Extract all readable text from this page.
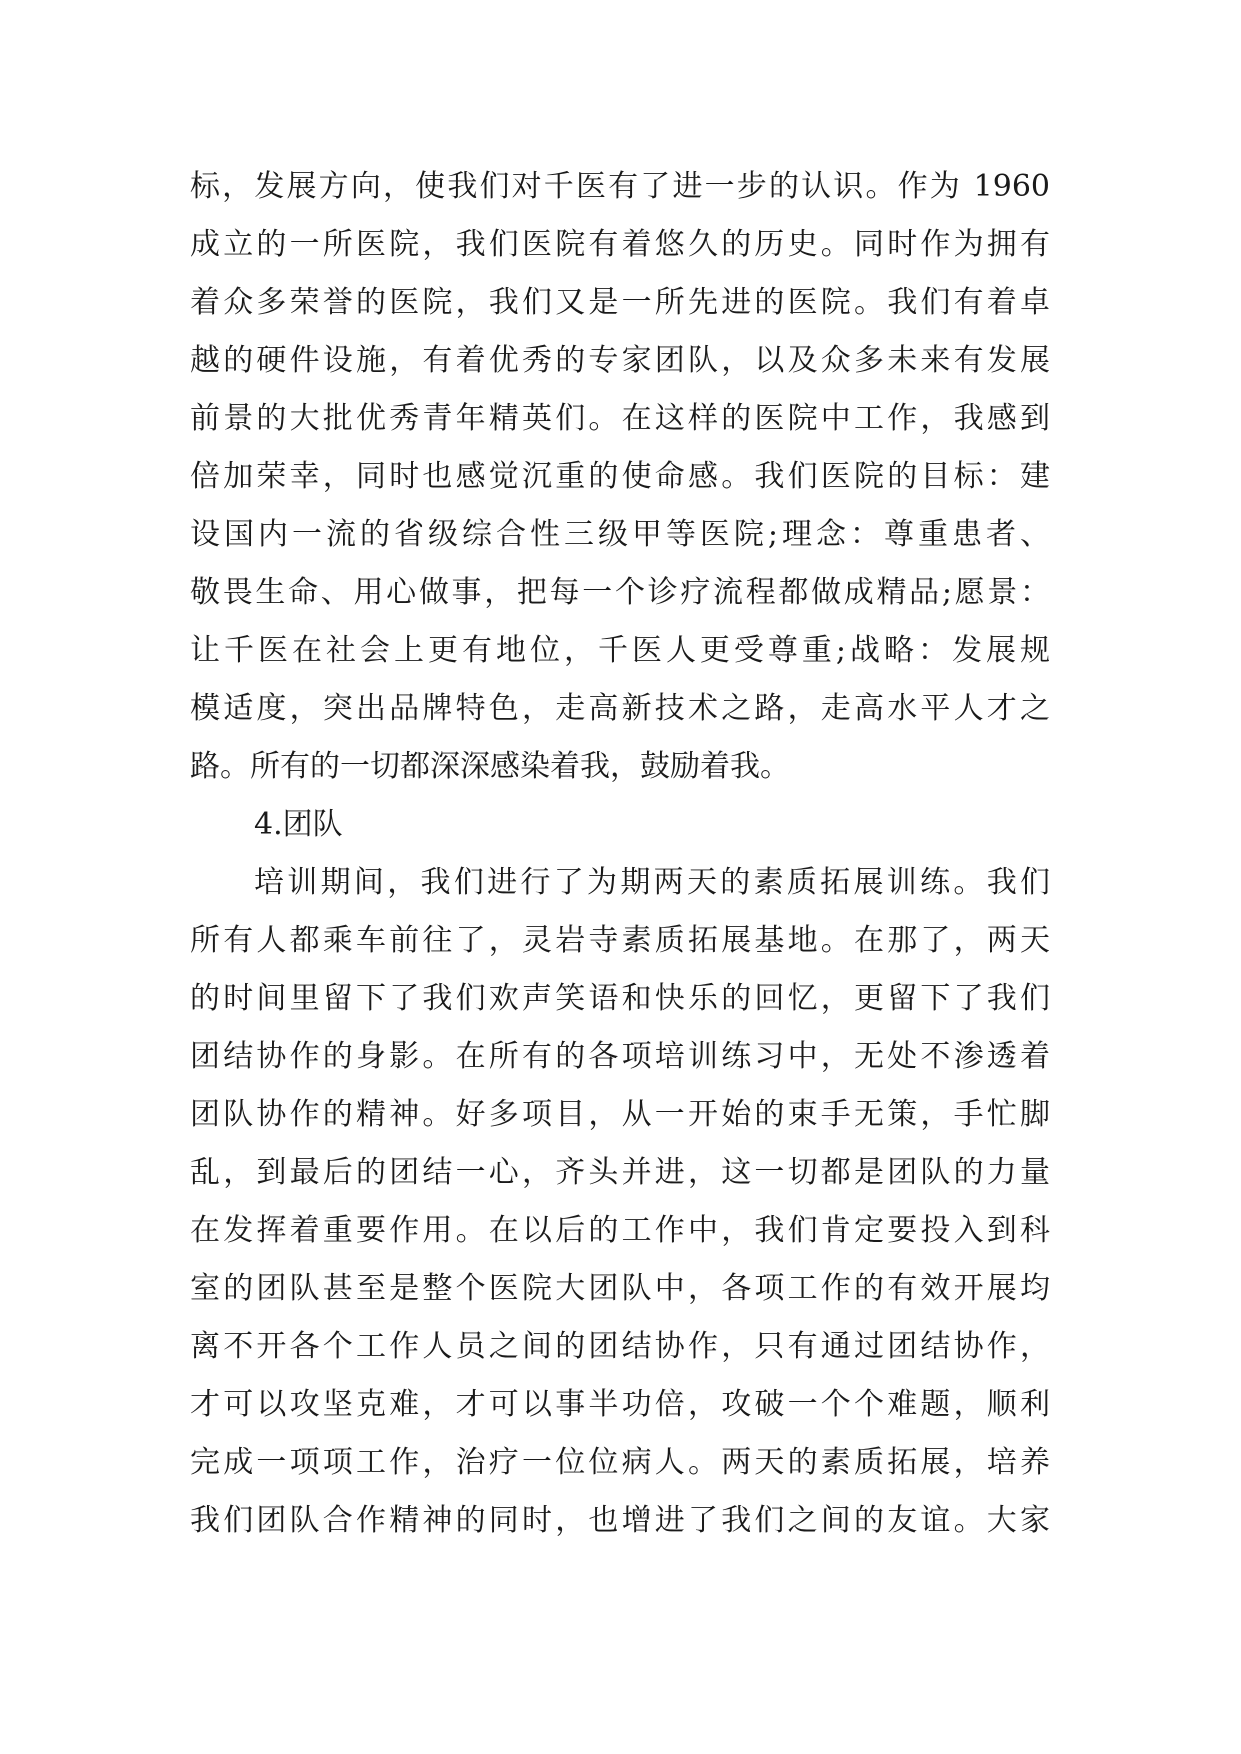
标，发展方向，使我们对千医有了进一步的认识。作为 1960
成立的一所医院，我们医院有着悠久的历史。同时作为拥有
着众多荣誉的医院，我们又是一所先进的医院。我们有着卓
越的硬件设施，有着优秀的专家团队，以及众多未来有发展
前景的大批优秀青年精英们。在这样的医院中工作，我感到
倍加荣幸，同时也感觉沉重的使命感。我们医院的目标：建
设国内一流的省级综合性三级甲等医院;理念：尊重患者、
敬畏生命、用心做事，把每一个诊疗流程都做成精品;愿景：
让千医在社会上更有地位，千医人更受尊重;战略：发展规
模适度，突出品牌特色，走高新技术之路，走高水平人才之
路。所有的一切都深深感染着我，鼓励着我。
4.团队
培训期间，我们进行了为期两天的素质拓展训练。我们
所有人都乘车前往了，灵岩寺素质拓展基地。在那了，两天
的时间里留下了我们欢声笑语和快乐的回忆，更留下了我们
团结协作的身影。在所有的各项培训练习中，无处不渗透着
团队协作的精神。好多项目，从一开始的束手无策，手忙脚
乱，到最后的团结一心，齐头并进，这一切都是团队的力量
在发挥着重要作用。在以后的工作中，我们肯定要投入到科
室的团队甚至是整个医院大团队中，各项工作的有效开展均
离不开各个工作人员之间的团结协作，只有通过团结协作，
才可以攻坚克难，才可以事半功倍，攻破一个个难题，顺利
完成一项项工作，治疗一位位病人。两天的素质拓展，培养
我们团队合作精神的同时，也增进了我们之间的友谊。大家
